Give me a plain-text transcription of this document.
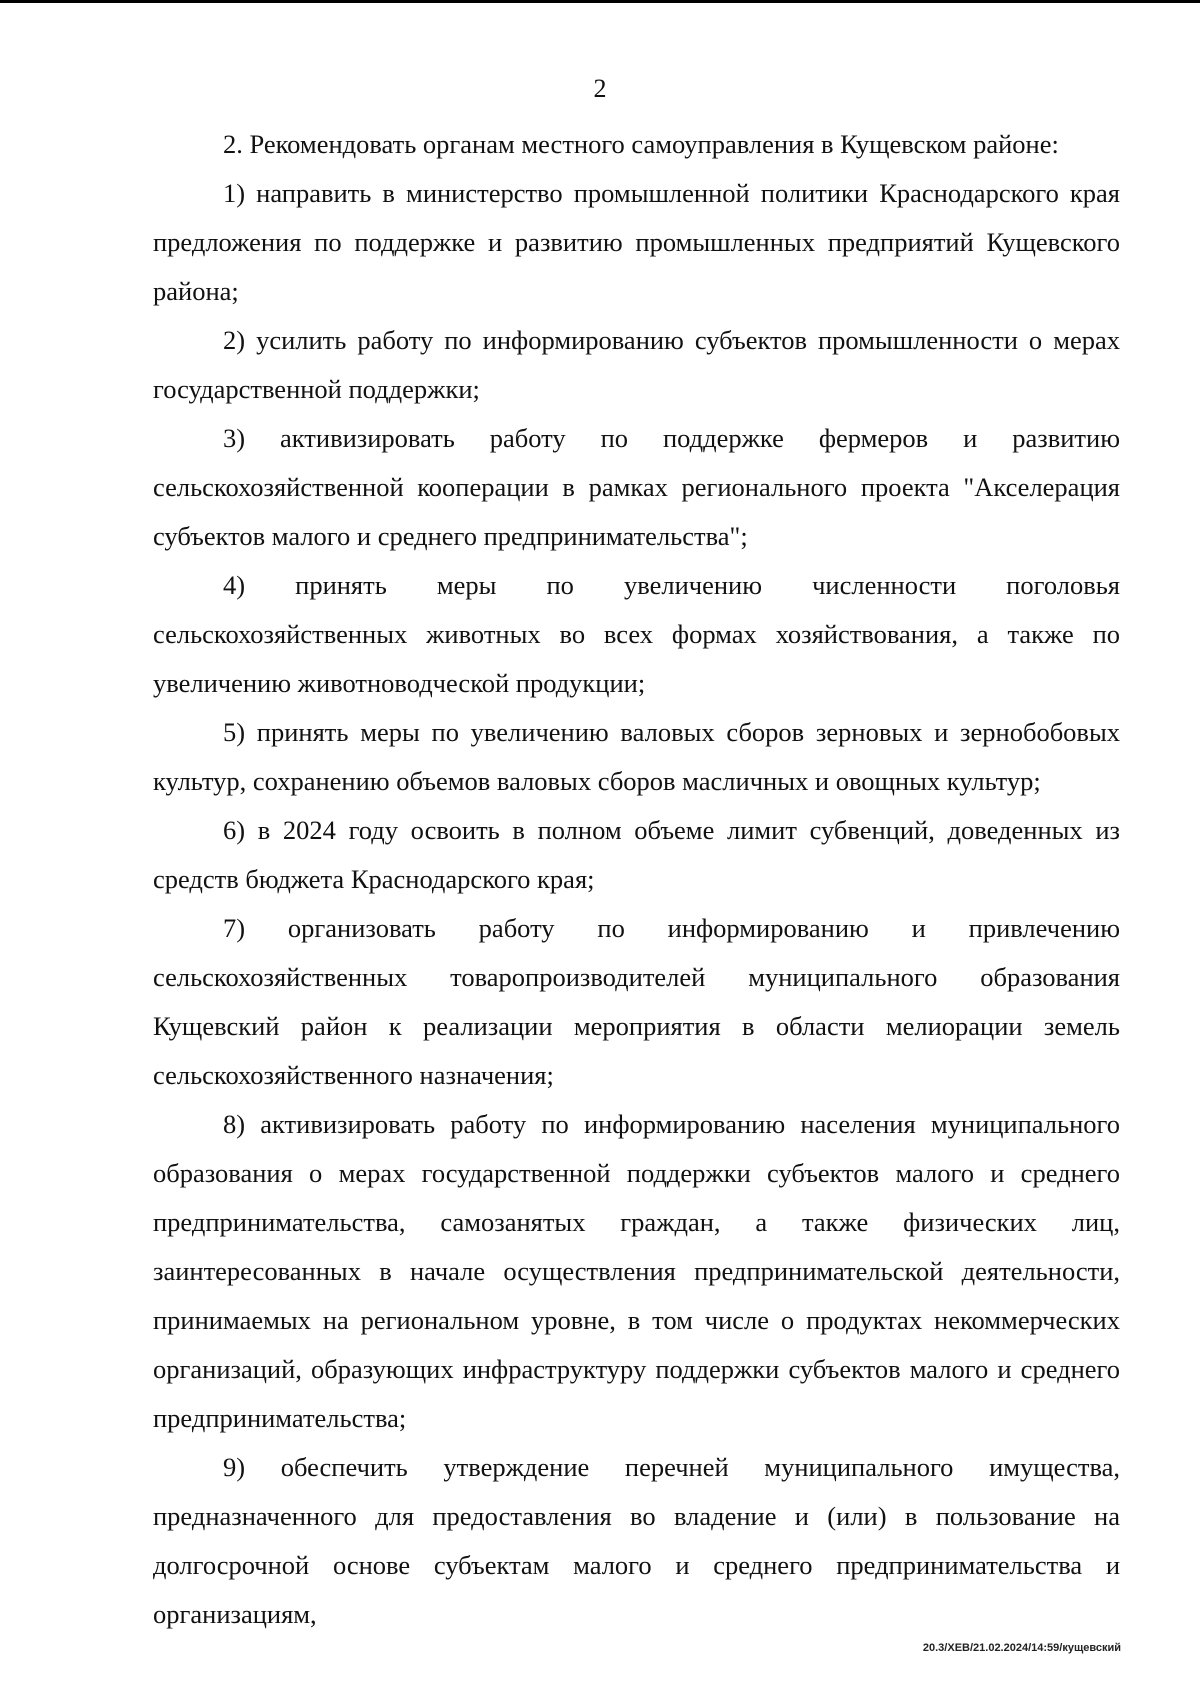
2

2. Рекомендовать органам местного самоуправления в Кущевском районе:

1) направить в министерство промышленной политики Краснодарского края предложения по поддержке и развитию промышленных предприятий Кущевского района;

2) усилить работу по информированию субъектов промышленности о мерах государственной поддержки;

3) активизировать работу по поддержке фермеров и развитию сельскохозяйственной кооперации в рамках регионального проекта "Акселерация субъектов малого и среднего предпринимательства";

4) принять меры по увеличению численности поголовья сельскохозяйственных животных во всех формах хозяйствования, а также по увеличению животноводческой продукции;

5) принять меры по увеличению валовых сборов зерновых и зернобобовых культур, сохранению объемов валовых сборов масличных и овощных культур;

6) в 2024 году освоить в полном объеме лимит субвенций, доведенных из средств бюджета Краснодарского края;

7) организовать работу по информированию и привлечению сельскохозяйственных товаропроизводителей муниципального образования Кущевский район к реализации мероприятия в области мелиорации земель сельскохозяйственного назначения;

8) активизировать работу по информированию населения муниципального образования о мерах государственной поддержки субъектов малого и среднего предпринимательства, самозанятых граждан, а также физических лиц, заинтересованных в начале осуществления предпринимательской деятельности, принимаемых на региональном уровне, в том числе о продуктах некоммерческих организаций, образующих инфраструктуру поддержки субъектов малого и среднего предпринимательства;

9) обеспечить утверждение перечней муниципального имущества, предназначенного для предоставления во владение и (или) в пользование на долгосрочной основе субъектам малого и среднего предпринимательства и организациям,

20.3/ХЕВ/21.02.2024/14:59/кущевский
